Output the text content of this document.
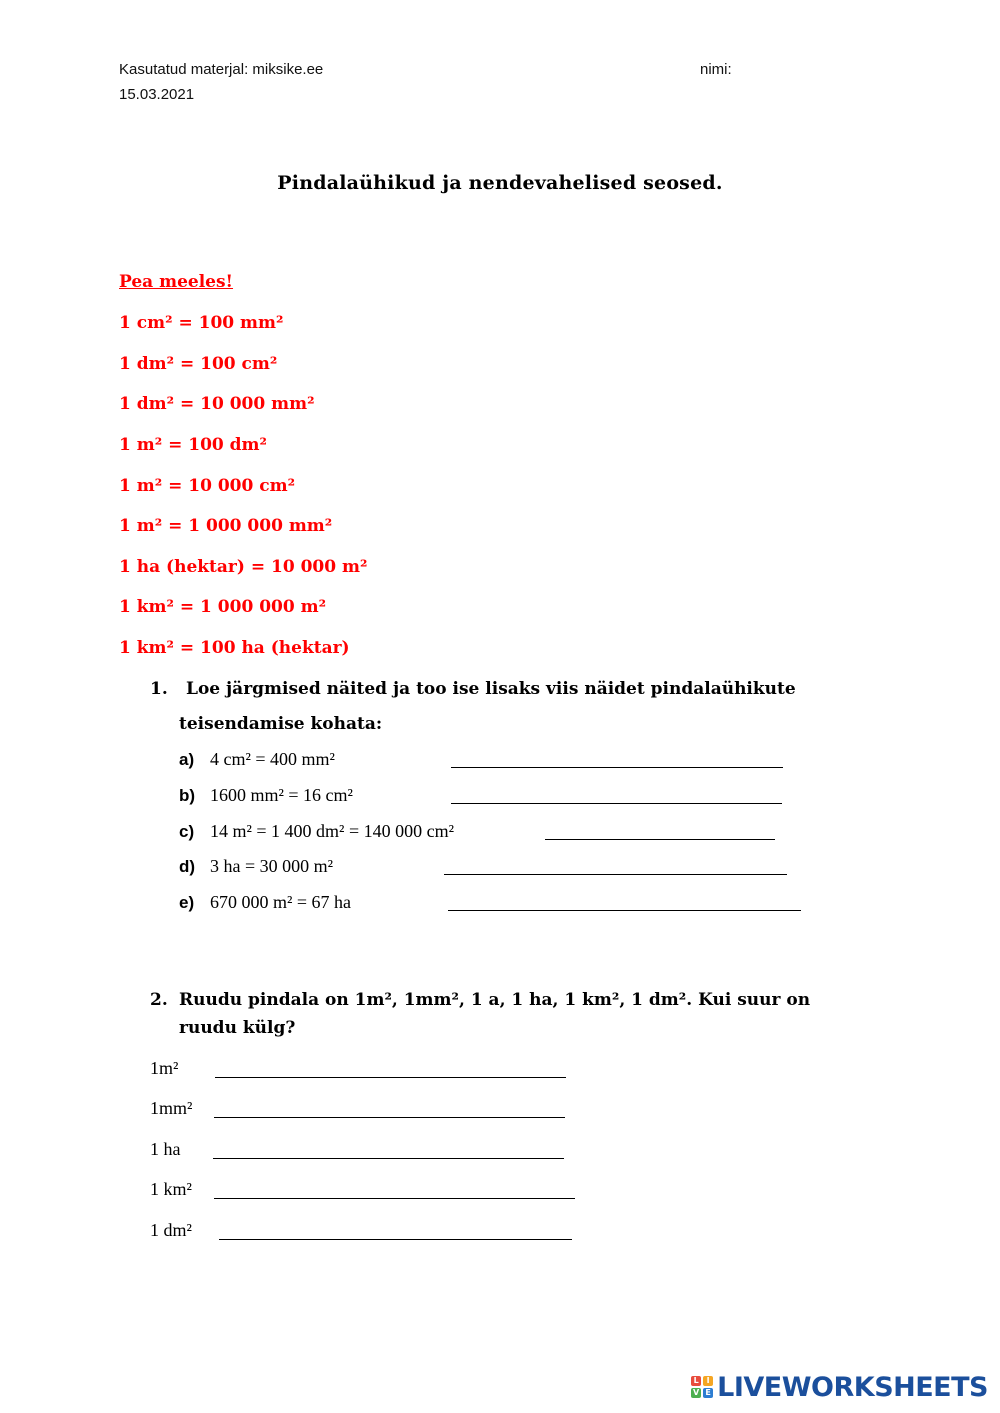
Kasutatud materjal: miksike.ee
15.03.2021
nimi:
Pindalaühikud ja nendevahelised seosed.
Pea meeles!
1 cm² = 100 mm²
1 dm² = 100 cm²
1 dm² = 10 000 mm²
1 m² = 100 dm²
1 m² = 10 000 cm²
1 m² = 1 000 000 mm²
1 ha (hektar) = 10 000 m²
1 km² = 1 000 000 m²
1 km² = 100 ha (hektar)
1. Loe järgmised näited ja too ise lisaks viis näidet pindalaühikute
teisendamise kohata:
a) 4 cm² = 400 mm²
b) 1600 mm² = 16 cm²
c) 14 m² = 1 400 dm² = 140 000 cm²
d) 3 ha = 30 000 m²
e) 670 000 m² = 67 ha
2. Ruudu pindala on 1m², 1mm², 1 a, 1 ha, 1 km², 1 dm². Kui suur on
ruudu külg?
1m²
1mm²
1 ha
1 km²
1 dm²
L I
V E LIVEWORKSHEETS
